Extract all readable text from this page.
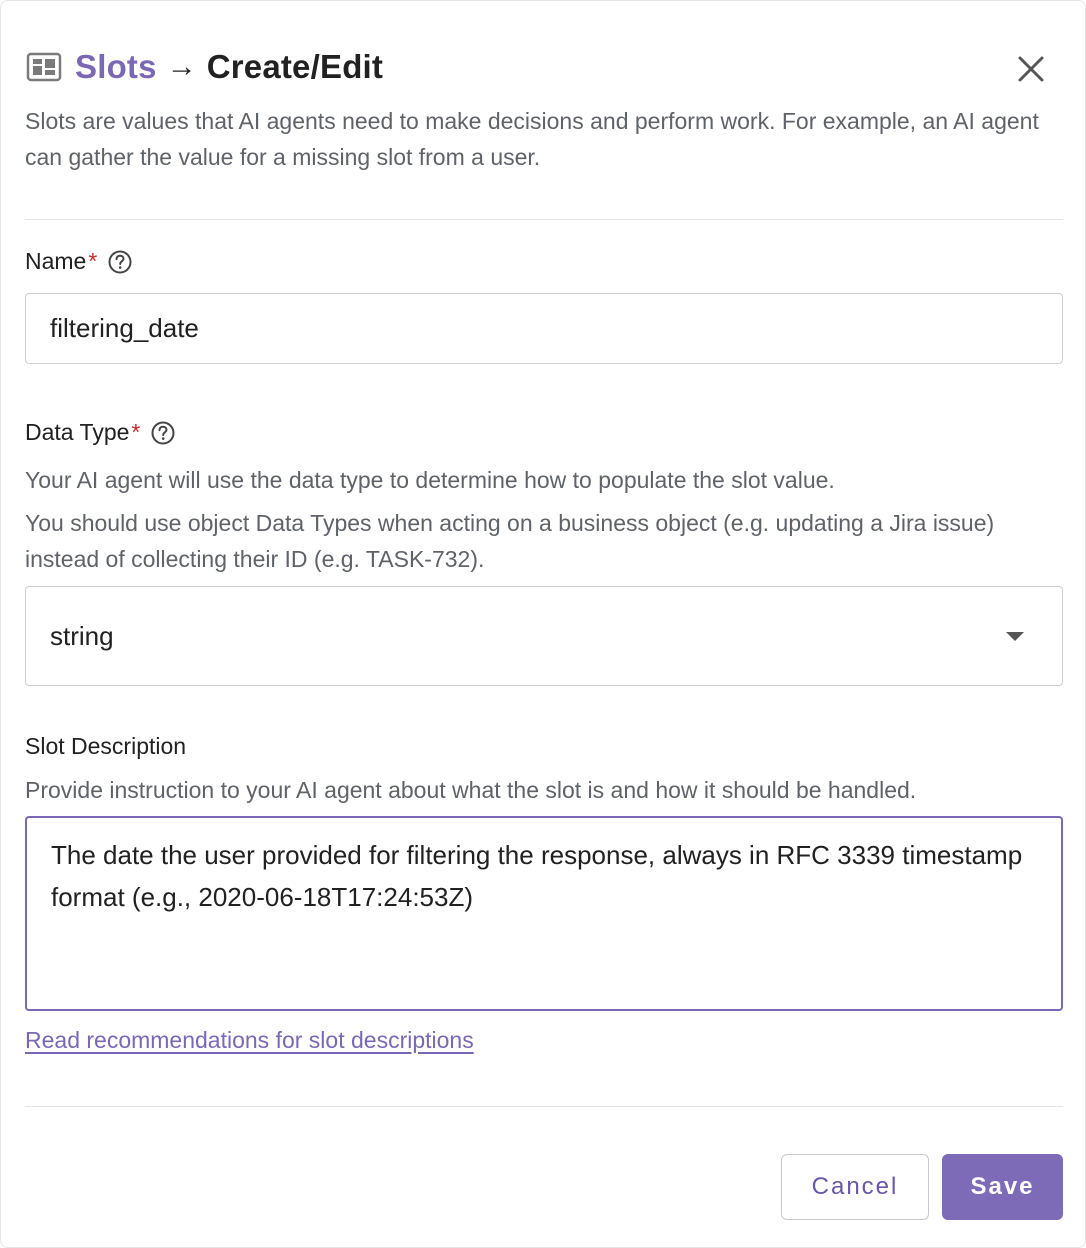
Slots → Create/Edit

Slots are values that AI agents need to make decisions and perform work. For example, an AI agent can gather the value for a missing slot from a user.

Name *
filtering_date
Data Type *

Your AI agent will use the data type to determine how to populate the slot value.

You should use object Data Types when acting on a business object (e.g. updating a Jira issue) instead of collecting their ID (e.g. TASK-732).

string
Slot Description

Provide instruction to your AI agent about what the slot is and how it should be handled.

The date the user provided for filtering the response, always in RFC 3339 timestamp format (e.g., 2020-06-18T17:24:53Z)
Read recommendations for slot descriptions
Cancel	Save
